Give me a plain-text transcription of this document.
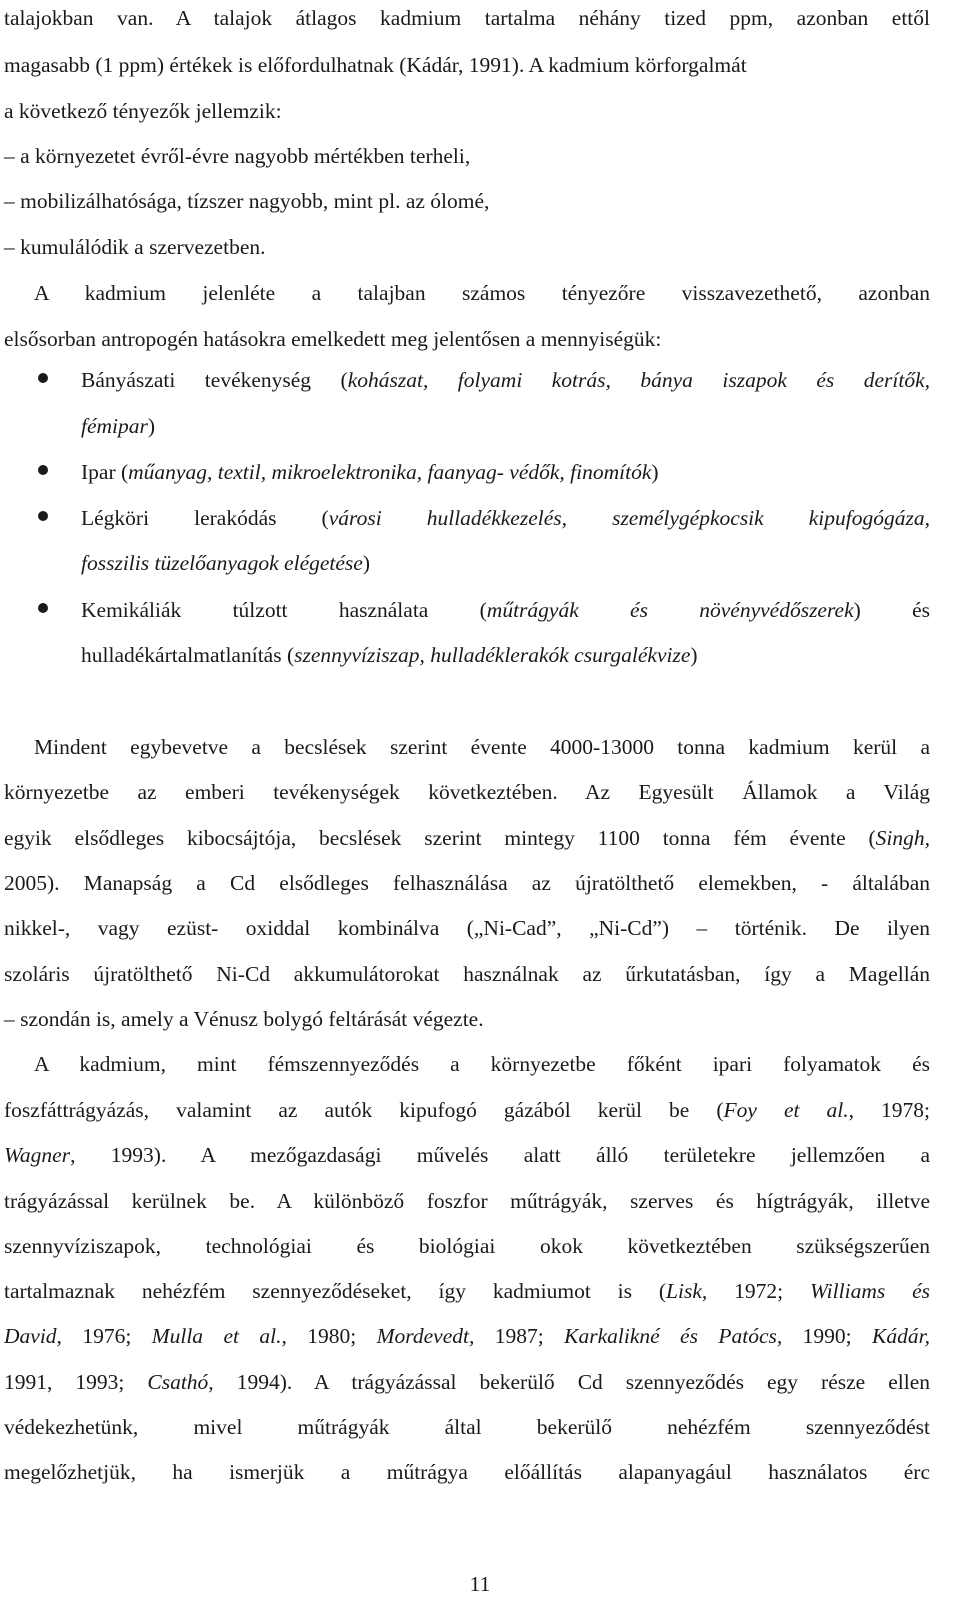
talajokban van. A talajok átlagos kadmium tartalma néhány tized ppm, azonban ettől
magasabb (1 ppm) értékek is előfordulhatnak (Kádár, 1991). A kadmium körforgalmát
a következő tényezők jellemzik:
– a környezetet évről-évre nagyobb mértékben terheli,
– mobilizálhatósága, tízszer nagyobb, mint pl. az ólomé,
– kumulálódik a szervezetben.
A kadmium jelenléte a talajban számos tényezőre visszavezethető, azonban
elsősorban antropogén hatásokra emelkedett meg jelentősen a mennyiségük:
Bányászati tevékenység (kohászat, folyami kotrás, bánya iszapok és derítők,
fémipar)
Ipar (műanyag, textil, mikroelektronika, faanyag- védők, finomítók)
Légköri lerakódás (városi hulladékkezelés, személygépkocsik kipufogógáza,
fosszilis tüzelőanyagok elégetése)
Kemikáliák túlzott használata (műtrágyák és növényvédőszerek) és
hulladékártalmatlanítás (szennyvíziszap, hulladéklerakók csurgalékvize)
Mindent egybevetve a becslések szerint évente 4000-13000 tonna kadmium kerül a
környezetbe az emberi tevékenységek következtében. Az Egyesült Államok a Világ
egyik elsődleges kibocsájtója, becslések szerint mintegy 1100 tonna fém évente (Singh,
2005). Manapság a Cd elsődleges felhasználása az újratölthető elemekben, - általában
nikkel-, vagy ezüst- oxiddal kombinálva („Ni-Cad”, „Ni-Cd”) – történik. De ilyen
szoláris újratölthető Ni-Cd akkumulátorokat használnak az űrkutatásban, így a Magellán
– szondán is, amely a Vénusz bolygó feltárását végezte.
A kadmium, mint fémszennyeződés a környezetbe főként ipari folyamatok és
foszfáttrágyázás, valamint az autók kipufogó gázából kerül be (Foy et al., 1978;
Wagner, 1993). A mezőgazdasági művelés alatt álló területekre jellemzően a
trágyázással kerülnek be. A különböző foszfor műtrágyák, szerves és hígtrágyák, illetve
szennyvíziszapok, technológiai és biológiai okok következtében szükségszerűen
tartalmaznak nehézfém szennyeződéseket, így kadmiumot is (Lisk, 1972; Williams és
David, 1976; Mulla et al., 1980; Mordevedt, 1987; Karkalikné és Patócs, 1990; Kádár,
1991, 1993; Csathó, 1994). A trágyázással bekerülő Cd szennyeződés egy része ellen
védekezhetünk, mivel műtrágyák által bekerülő nehézfém szennyeződést
megelőzhetjük, ha ismerjük a műtrágya előállítás alapanyagául használatos érc
11
